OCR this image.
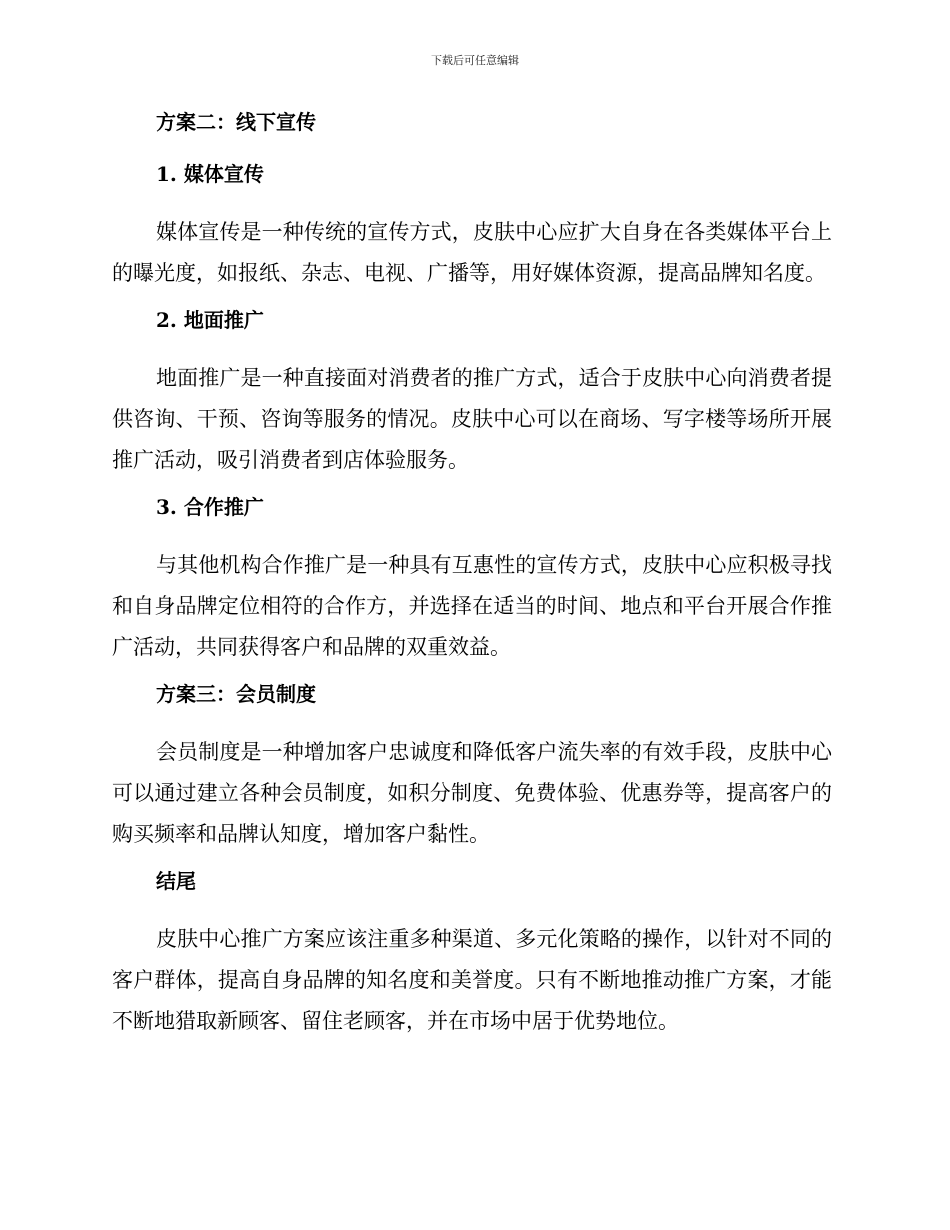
下载后可任意编辑
方案二：线下宣传
1. 媒体宣传

媒体宣传是一种传统的宣传方式，皮肤中心应扩大自身在各类媒体平台上的曝光度，如报纸、杂志、电视、广播等，用好媒体资源，提高品牌知名度。

2. 地面推广

地面推广是一种直接面对消费者的推广方式，适合于皮肤中心向消费者提供咨询、干预、咨询等服务的情况。皮肤中心可以在商场、写字楼等场所开展推广活动，吸引消费者到店体验服务。

3. 合作推广

与其他机构合作推广是一种具有互惠性的宣传方式，皮肤中心应积极寻找和自身品牌定位相符的合作方，并选择在适当的时间、地点和平台开展合作推广活动，共同获得客户和品牌的双重效益。

方案三：会员制度

会员制度是一种增加客户忠诚度和降低客户流失率的有效手段，皮肤中心可以通过建立各种会员制度，如积分制度、免费体验、优惠券等，提高客户的购买频率和品牌认知度，增加客户黏性。

结尾

皮肤中心推广方案应该注重多种渠道、多元化策略的操作，以针对不同的客户群体，提高自身品牌的知名度和美誉度。只有不断地推动推广方案，才能不断地猎取新顾客、留住老顾客，并在市场中居于优势地位。
